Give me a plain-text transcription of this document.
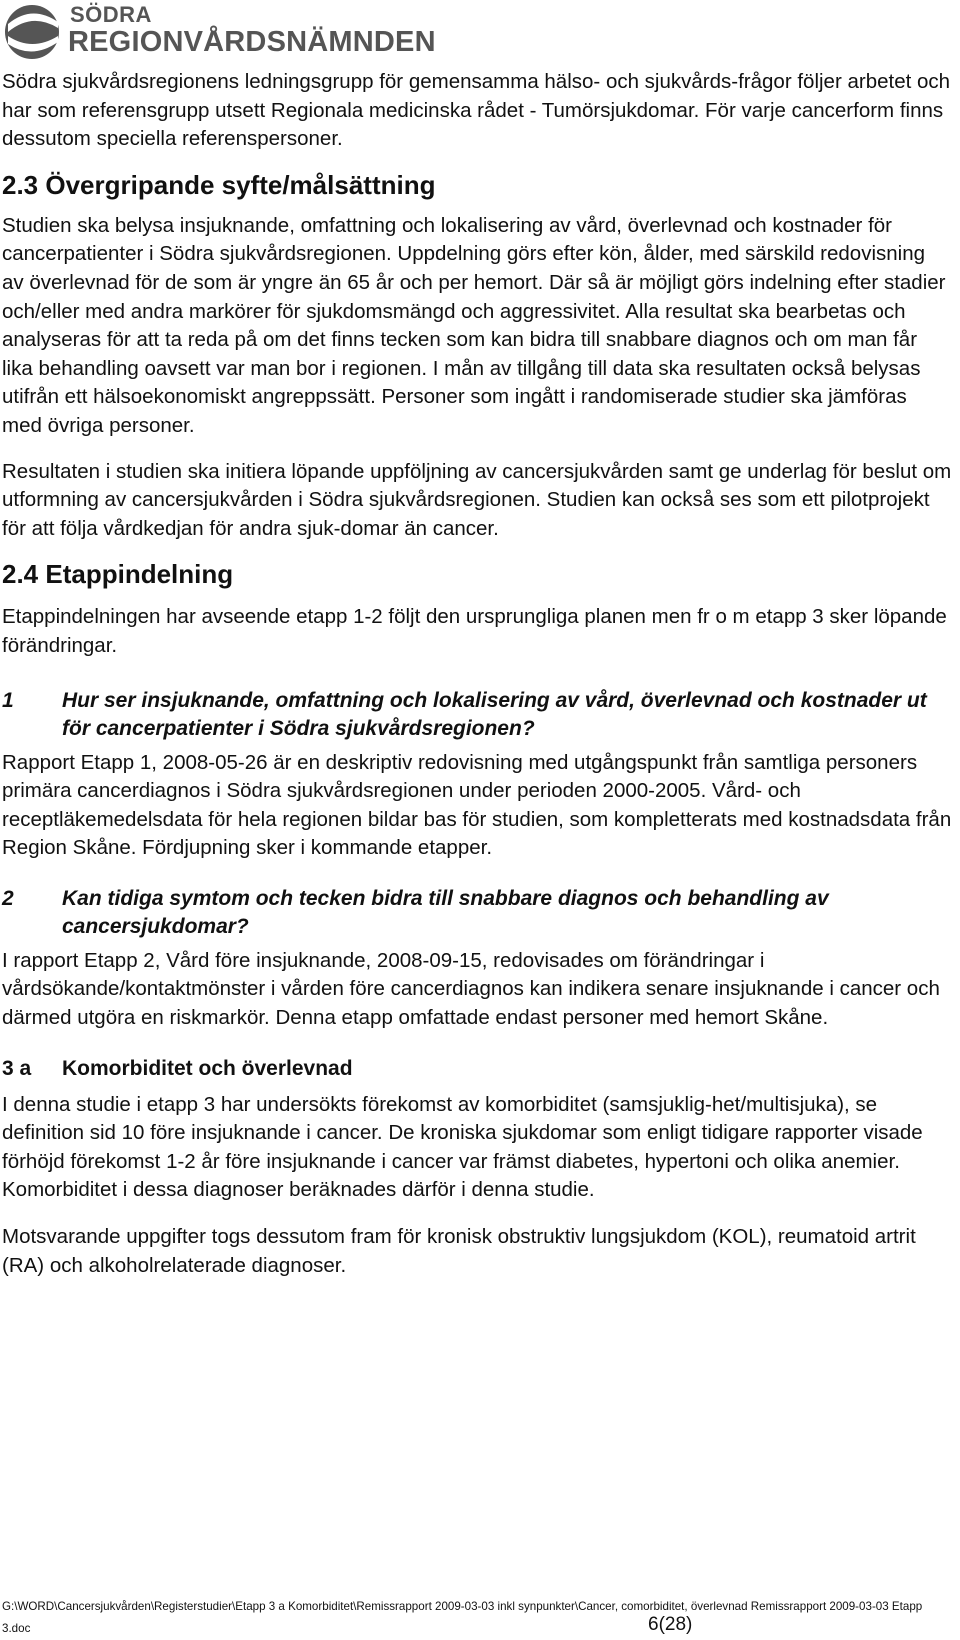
SÖDRA
REGIONVÅRDSNÄMNDEN

Södra sjukvårdsregionens ledningsgrupp för gemensamma hälso- och sjukvårds-frågor följer arbetet och har som referensgrupp utsett Regionala medicinska rådet - Tumörsjukdomar. För varje cancerform finns dessutom speciella referenspersoner.

2.3 Övergripande syfte/målsättning

Studien ska belysa insjuknande, omfattning och lokalisering av vård, överlevnad och kostnader för cancerpatienter i Södra sjukvårdsregionen. Uppdelning görs efter kön, ålder, med särskild redovisning av överlevnad för de som är yngre än 65 år och per hemort. Där så är möjligt görs indelning efter stadier och/eller med andra markörer för sjukdomsmängd och aggressivitet. Alla resultat ska bearbetas och analyseras för att ta reda på om det finns tecken som kan bidra till snabbare diagnos och om man får lika behandling oavsett var man bor i regionen. I mån av tillgång till data ska resultaten också belysas utifrån ett hälsoekonomiskt angreppssätt. Personer som ingått i randomiserade studier ska jämföras med övriga personer.

Resultaten i studien ska initiera löpande uppföljning av cancersjukvården samt ge underlag för beslut om utformning av cancersjukvården i Södra sjukvårdsregionen. Studien kan också ses som ett pilotprojekt för att följa vårdkedjan för andra sjuk-domar än cancer.

2.4 Etappindelning

Etappindelningen har avseende etapp 1-2 följt den ursprungliga planen men fr o m etapp 3 sker löpande förändringar.

1	Hur ser insjuknande, omfattning och lokalisering av vård, överlevnad och kostnader ut för cancerpatienter i Södra sjukvårdsregionen?

Rapport Etapp 1, 2008-05-26 är en deskriptiv redovisning med utgångspunkt från samtliga personers primära cancerdiagnos i Södra sjukvårdsregionen under perioden 2000-2005. Vård- och receptläkemedelsdata för hela regionen bildar bas för studien, som kompletterats med kostnadsdata från Region Skåne. Fördjupning sker i kommande etapper.

2	Kan tidiga symtom och tecken bidra till snabbare diagnos och behandling av cancersjukdomar?

I rapport Etapp 2, Vård före insjuknande, 2008-09-15, redovisades om förändringar i vårdsökande/kontaktmönster i vården före cancerdiagnos kan indikera senare insjuknande i cancer och därmed utgöra en riskmarkör. Denna etapp omfattade endast personer med hemort Skåne.

3 a	Komorbiditet och överlevnad

I denna studie i etapp 3 har undersökts förekomst av komorbiditet (samsjuklig-het/multisjuka), se definition sid 10 före insjuknande i cancer. De kroniska sjukdomar som enligt tidigare rapporter visade förhöjd förekomst 1-2 år före insjuknande i cancer var främst diabetes, hypertoni och olika anemier. Komorbiditet i dessa diagnoser beräknades därför i denna studie.

Motsvarande uppgifter togs dessutom fram för kronisk obstruktiv lungsjukdom (KOL), reumatoid artrit (RA) och alkoholrelaterade diagnoser.

G:\WORD\Cancersjukvården\Registerstudier\Etapp 3 a Komorbiditet\Remissrapport 2009-03-03 inkl synpunkter\Cancer, comorbiditet, överlevnad Remissrapport 2009-03-03 Etapp 3.doc	6(28)
